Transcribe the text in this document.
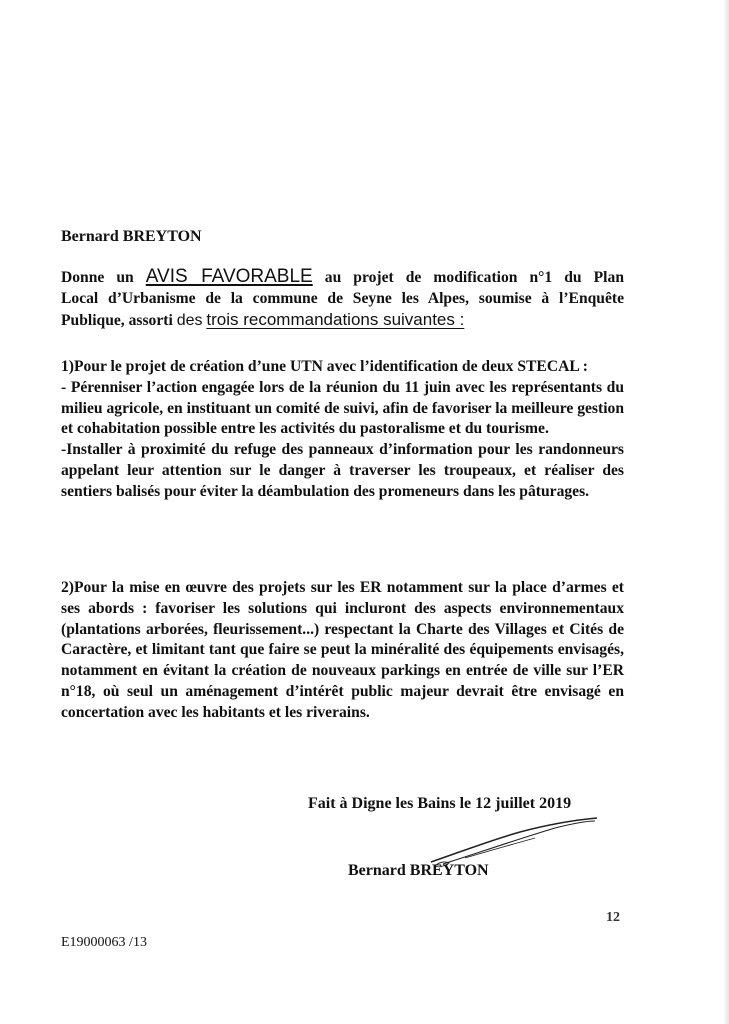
Bernard BREYTON
Donne un AVIS FAVORABLE au projet de modification n°1 du Plan
Local d’Urbanisme de la commune de Seyne les Alpes, soumise à l’Enquête
Publique, assorti des trois recommandations suivantes :

1)Pour le projet de création d’une UTN avec l’identification de deux STECAL :

- Pérenniser l’action engagée lors de la réunion du 11 juin avec les représentants du milieu agricole, en instituant un comité de suivi, afin de favoriser la meilleure gestion et cohabitation possible entre les activités du pastoralisme et du tourisme.

-Installer à proximité du refuge des panneaux d’information pour les randonneurs appelant leur attention sur le danger à traverser les troupeaux, et réaliser des sentiers balisés pour éviter la déambulation des promeneurs dans les pâturages.

2)Pour la mise en œuvre des projets sur les ER notamment sur la place d’armes et ses abords : favoriser les solutions qui incluront des aspects environnementaux (plantations arborées, fleurissement...) respectant la Charte des Villages et Cités de Caractère, et limitant tant que faire se peut la minéralité des équipements envisagés, notamment en évitant la création de nouveaux parkings en entrée de ville sur l’ER n°18, où seul un aménagement d’intérêt public majeur devrait être envisagé en concertation avec les habitants et les riverains.

Fait à Digne les Bains le 12 juillet 2019
Bernard BREYTON
12
E19000063 /13
